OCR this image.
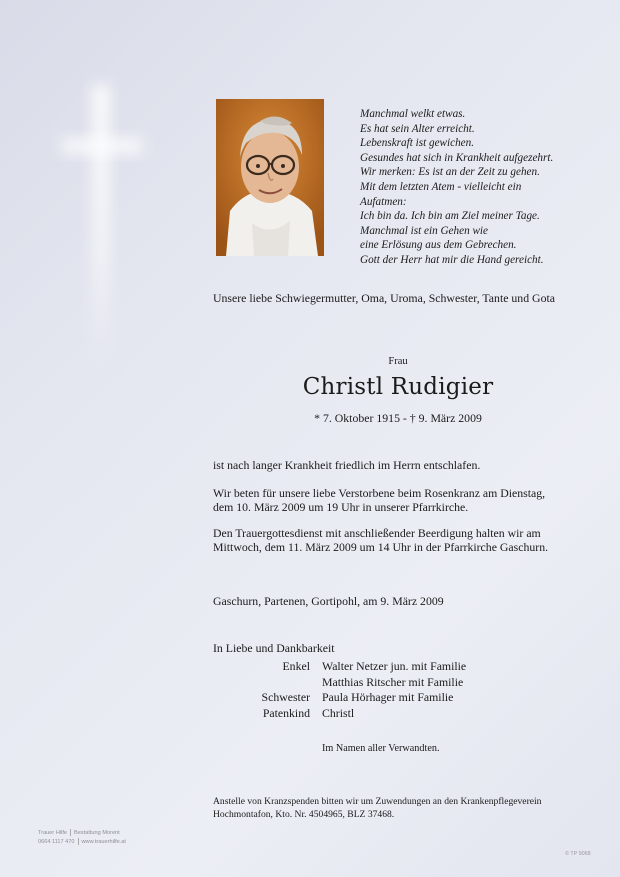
Manchmal welkt etwas.
Es hat sein Alter erreicht.
Lebenskraft ist gewichen.
Gesundes hat sich in Krankheit aufgezehrt.
Wir merken: Es ist an der Zeit zu gehen.
Mit dem letzten Atem - vielleicht ein
Aufatmen:
Ich bin da. Ich bin am Ziel meiner Tage.
Manchmal ist ein Gehen wie
eine Erlösung aus dem Gebrechen.
Gott der Herr hat mir die Hand gereicht.
Unsere liebe Schwiegermutter, Oma, Uroma, Schwester, Tante und Gota
Frau
Christl Rudigier
* 7. Oktober 1915 - † 9. März 2009
ist nach langer Krankheit friedlich im Herrn entschlafen.
Wir beten für unsere liebe Verstorbene beim Rosenkranz am Dienstag,
dem 10. März 2009 um 19 Uhr in unserer Pfarrkirche.
Den Trauergottesdienst mit anschließender Beerdigung halten wir am
Mittwoch, dem 11. März 2009 um 14 Uhr in der Pfarrkirche Gaschurn.
Gaschurn, Partenen, Gortipohl, am 9. März 2009
In Liebe und Dankbarkeit
Enkel
Schwester
Patenkind
Walter Netzer jun. mit Familie
Matthias Ritscher mit Familie
Paula Hörhager mit Familie
Christl
Im Namen aller Verwandten.
Anstelle von Kranzspenden bitten wir um Zuwendungen an den Krankenpflegeverein
Hochmontafon, Kto. Nr. 4504965, BLZ 37468.
Trauer Hilfe Bestattung Morent
0664 1117 470 www.trauerhilfe.at
© TP 9068
